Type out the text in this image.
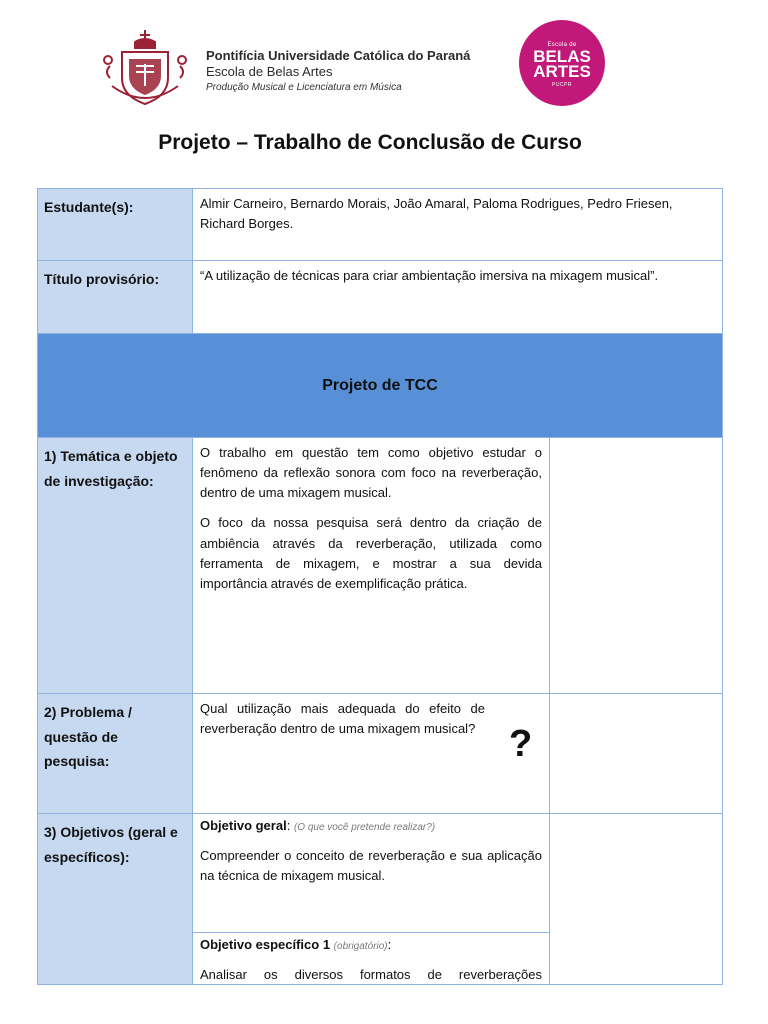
Pontifícia Universidade Católica do Paraná
Escola de Belas Artes
Produção Musical e Licenciatura em Música
Escola de
BELAS
ARTES
PUCPR
Projeto – Trabalho de Conclusão de Curso
Estudante(s):	Almir Carneiro, Bernardo Morais, João Amaral, Paloma Rodrigues, Pedro Friesen, Richard Borges.	
Título provisório:	“A utilização de técnicas para criar ambientação imersiva na mixagem musical”.	
Projeto de TCC		
1) Temática e objeto de investigação:	O trabalho em questão tem como objetivo estudar o fenômeno da reflexão sonora com foco na reverberação, dentro de uma mixagem musical.

O foco da nossa pesquisa será dentro da criação de ambiência através da reverberação, utilizada como ferramenta de mixagem, e mostrar a sua devida importância através de exemplificação prática.	

2) Problema / questão de pesquisa:	Qual utilização mais adequada do efeito de reverberação dentro de uma mixagem musical?	

3) Objetivos (geral e específicos):	Objetivo geral: (O que você pretende realizar?)

Compreender o conceito de reverberação e sua aplicação na técnica de mixagem musical.

Objetivo específico 1 (obrigatório):

Analisar os diversos formatos de reverberações	

?
